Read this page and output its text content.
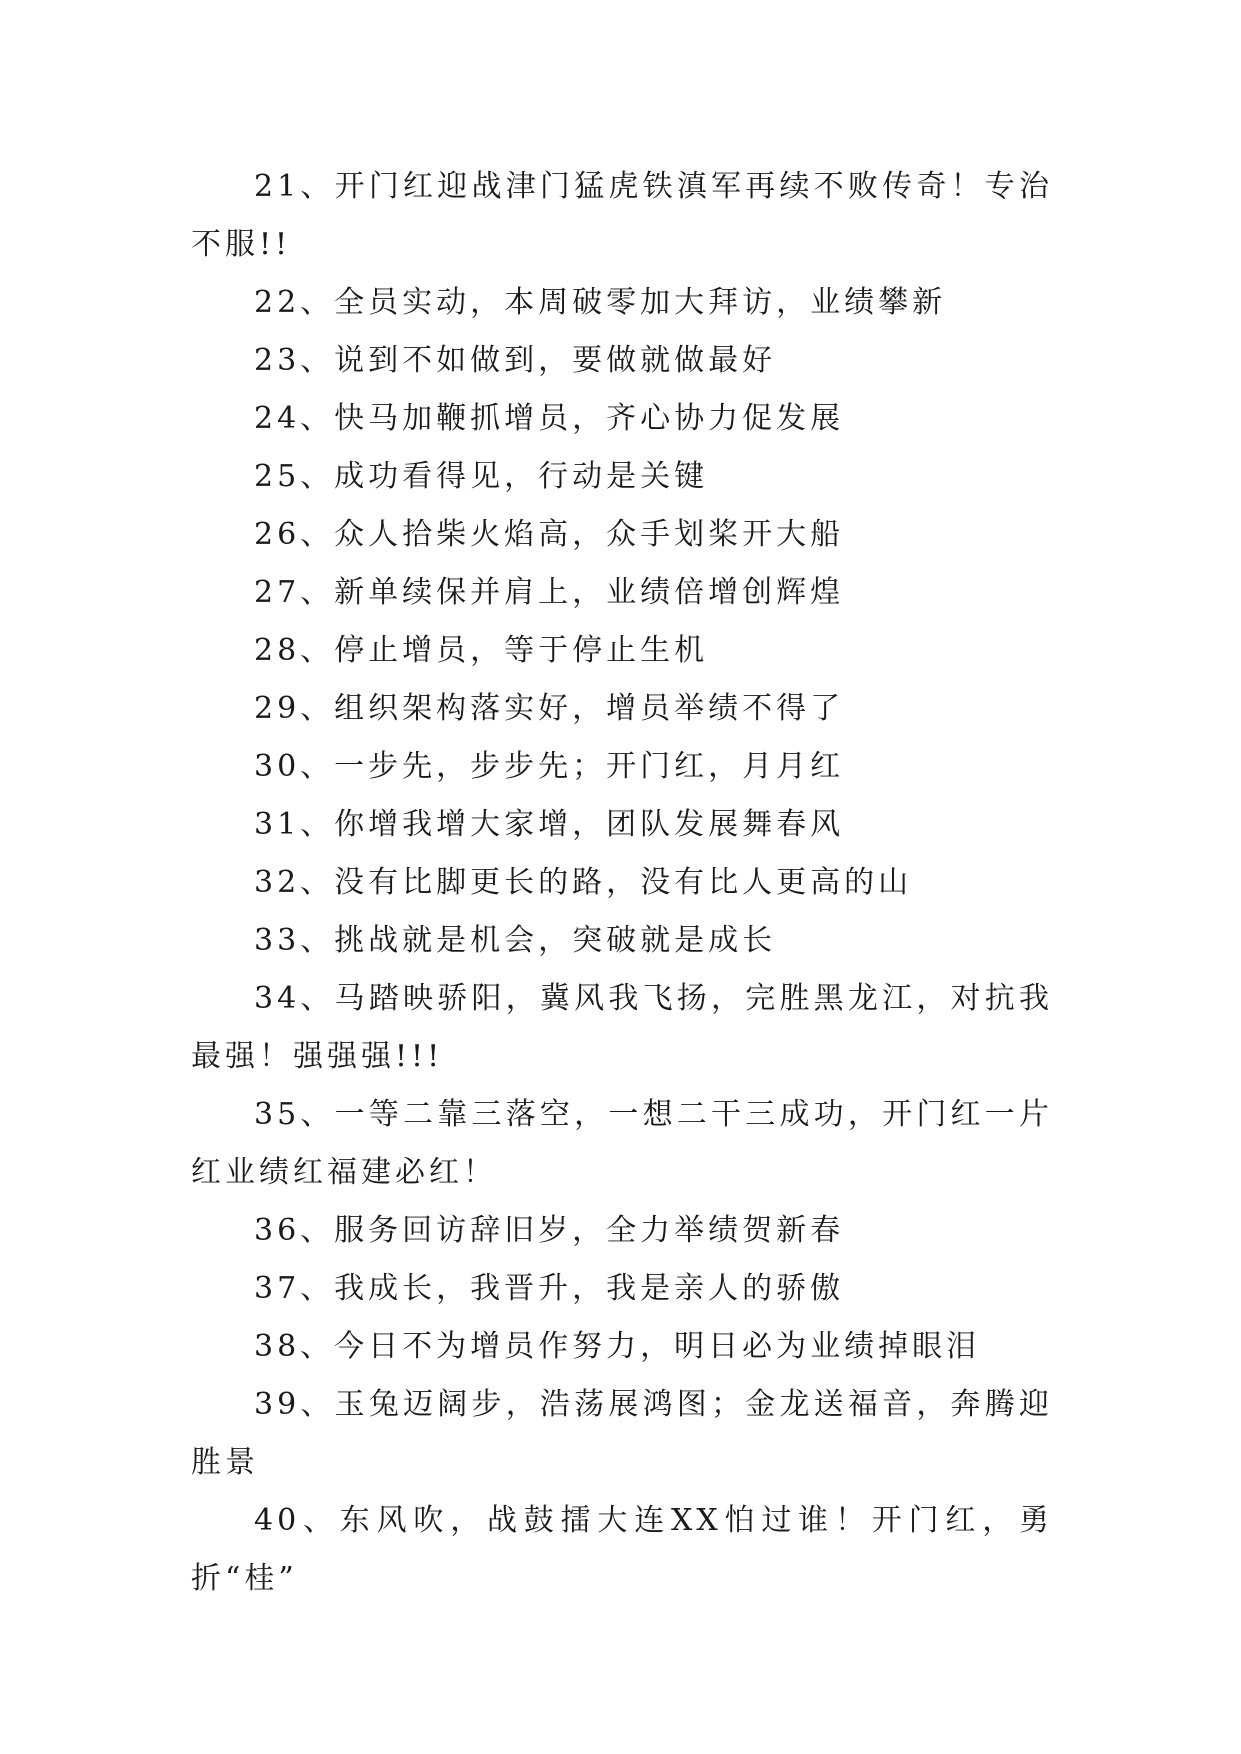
21、开门红迎战津门猛虎铁滇军再续不败传奇！专治不服!!

22、全员实动，本周破零加大拜访，业绩攀新

23、说到不如做到，要做就做最好

24、快马加鞭抓增员，齐心协力促发展

25、成功看得见，行动是关键

26、众人拾柴火焰高，众手划桨开大船

27、新单续保并肩上，业绩倍增创辉煌

28、停止增员，等于停止生机

29、组织架构落实好，增员举绩不得了

30、一步先，步步先；开门红，月月红

31、你增我增大家增，团队发展舞春风

32、没有比脚更长的路，没有比人更高的山

33、挑战就是机会，突破就是成长

34、马踏映骄阳，冀风我飞扬，完胜黑龙江，对抗我最强！强强强!!!

35、一等二靠三落空，一想二干三成功，开门红一片红业绩红福建必红！

36、服务回访辞旧岁，全力举绩贺新春

37、我成长，我晋升，我是亲人的骄傲

38、今日不为增员作努力，明日必为业绩掉眼泪

39、玉兔迈阔步，浩荡展鸿图；金龙送福音，奔腾迎胜景

40、东风吹，战鼓擂大连XX怕过谁！开门红，勇折“桂”
